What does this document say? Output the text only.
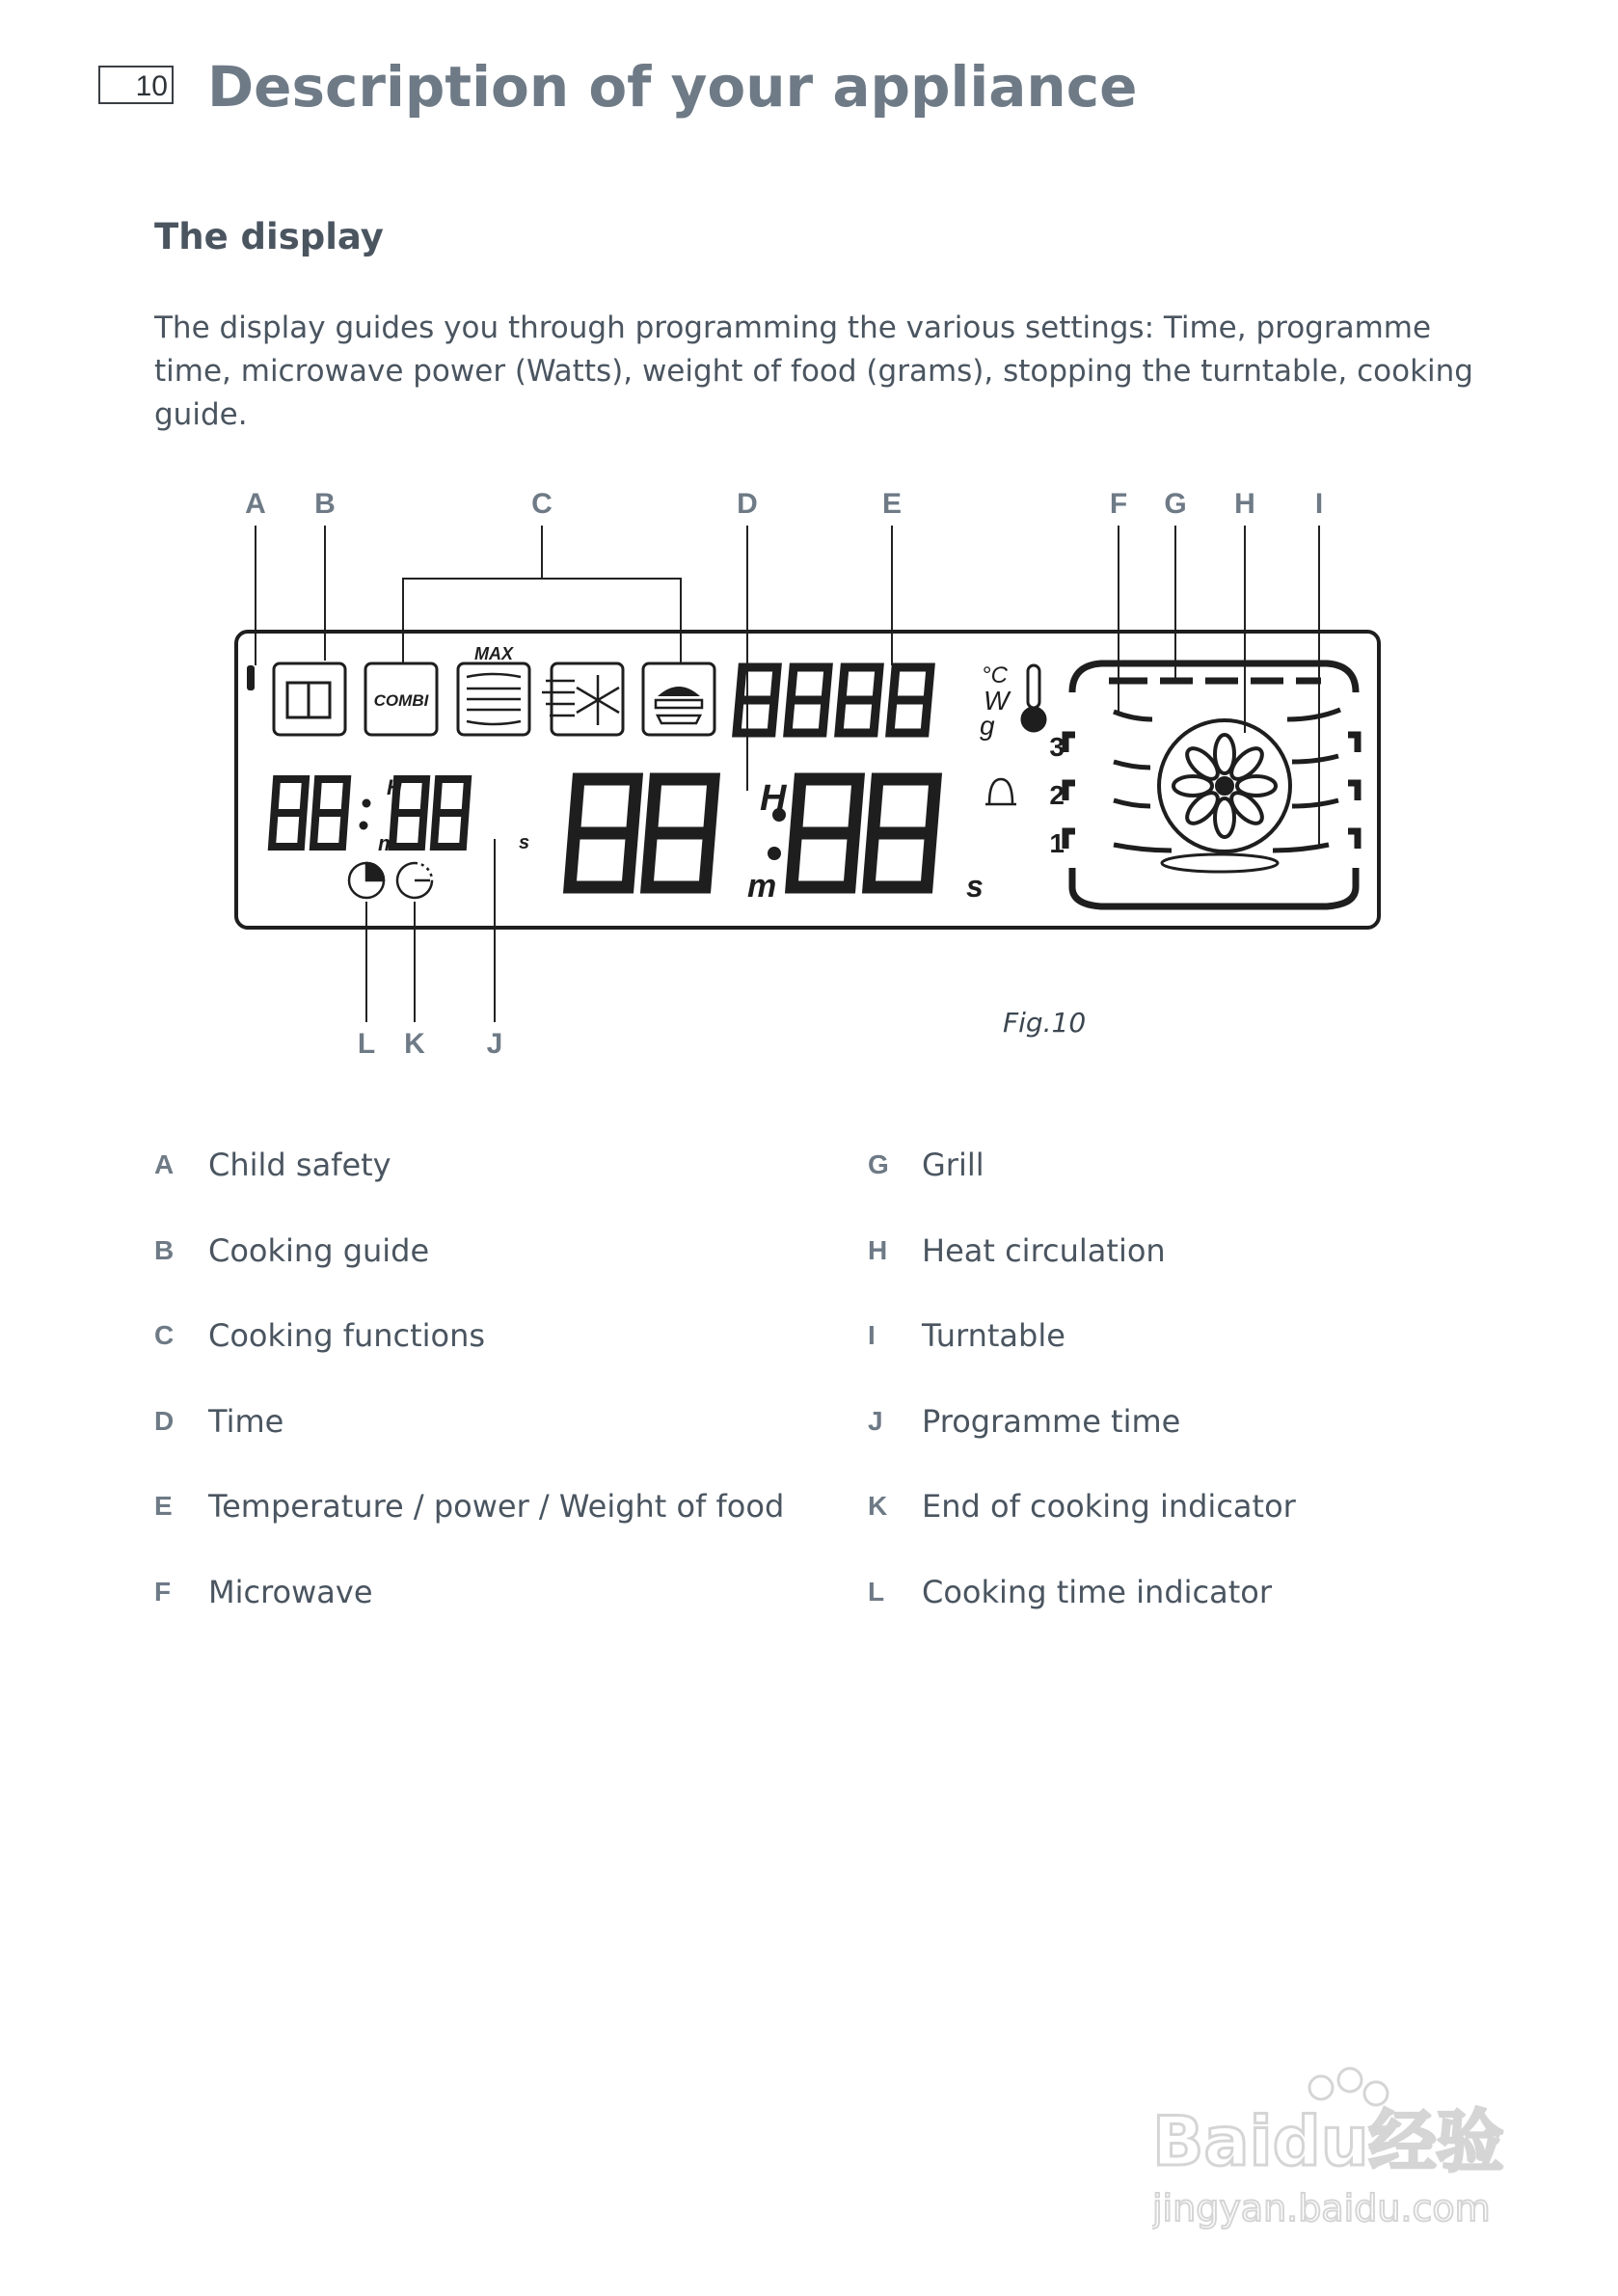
10 Description of your appliance
The display
The display guides you through programming the various settings: Time, programme time, microwave power (Watts), weight of food (grams), stopping the turntable, cooking guide.
A B	C	D	E	F G H I
L K J
COMBI
MAX
°C
W
g
H
m	s
H
m	s
3
2
1
Fig.10
A	Child safety
B	Cooking guide
C	Cooking functions
D	Time
E	Temperature / power / Weight of food
F	Microwave
G	Grill
H	Heat circulation
I	Turntable
J	Programme time
K	End of cooking indicator
L	Cooking time indicator
Baidu经验
jingyan.baidu.com
